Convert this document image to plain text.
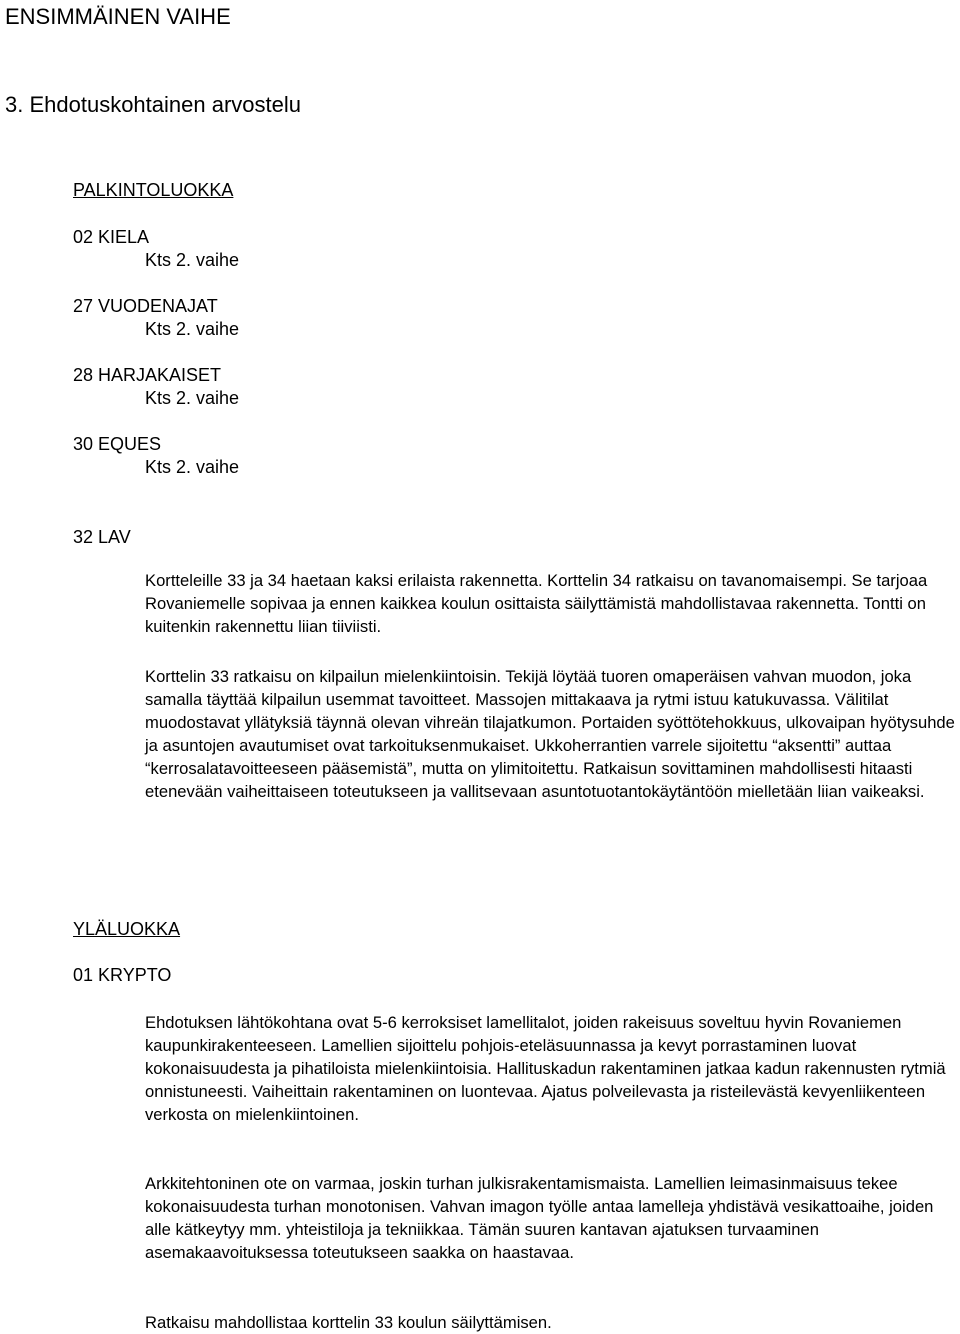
ENSIMMÄINEN VAIHE
3. Ehdotuskohtainen arvostelu
PALKINTOLUOKKA
02 KIELA
Kts 2. vaihe
27 VUODENAJAT
Kts 2. vaihe
28 HARJAKAISET
Kts 2. vaihe
30 EQUES
Kts 2. vaihe
32 LAV

Kortteleille 33 ja 34 haetaan kaksi erilaista rakennetta. Korttelin 34 ratkaisu on tavanomaisempi. Se tarjoaa Rovaniemelle sopivaa ja ennen kaikkea koulun osittaista säilyttämistä mahdollistavaa rakennetta. Tontti on kuitenkin rakennettu liian tiiviisti.

Korttelin 33 ratkaisu on kilpailun mielenkiintoisin. Tekijä löytää tuoren omaperäisen vahvan muodon, joka samalla täyttää kilpailun usemmat tavoitteet. Massojen mittakaava ja rytmi istuu katukuvassa. Välitilat muodostavat yllätyksiä täynnä olevan vihreän tilajatkumon. Portaiden syöttötehokkuus, ulkovaipan hyötysuhde ja asuntojen avautumiset ovat tarkoituksenmukaiset. Ukkoherrantien varrele sijoitettu “aksentti” auttaa “kerrosalatavoitteeseen pääsemistä”, mutta on ylimitoitettu. Ratkaisun sovittaminen mahdollisesti hitaasti etenevään vaiheittaiseen toteutukseen ja vallitsevaan asuntotuotantokäytäntöön mielletään liian vaikeaksi.

YLÄLUOKKA
01 KRYPTO

Ehdotuksen lähtökohtana ovat 5-6 kerroksiset lamellitalot, joiden rakeisuus soveltuu hyvin Rovaniemen kaupunkirakenteeseen. Lamellien sijoittelu pohjois-eteläsuunnassa ja kevyt porrastaminen luovat kokonaisuudesta ja pihatiloista mielenkiintoisia. Hallituskadun rakentaminen jatkaa kadun rakennusten rytmiä onnistuneesti. Vaiheittain rakentaminen on luontevaa. Ajatus polveilevasta ja risteilevästä kevyenliikenteen verkosta on mielenkiintoinen.

Arkkitehtoninen ote on varmaa, joskin turhan julkisrakentamismaista. Lamellien leimasinmaisuus tekee kokonaisuudesta turhan monotonisen. Vahvan imagon työlle antaa lamelleja yhdistävä vesikattoaihe, joiden alle kätkeytyy mm. yhteistiloja ja tekniikkaa. Tämän suuren kantavan ajatuksen turvaaminen asemakaavoituksessa toteutukseen saakka on haastavaa.

Ratkaisu mahdollistaa korttelin 33 koulun säilyttämisen.
